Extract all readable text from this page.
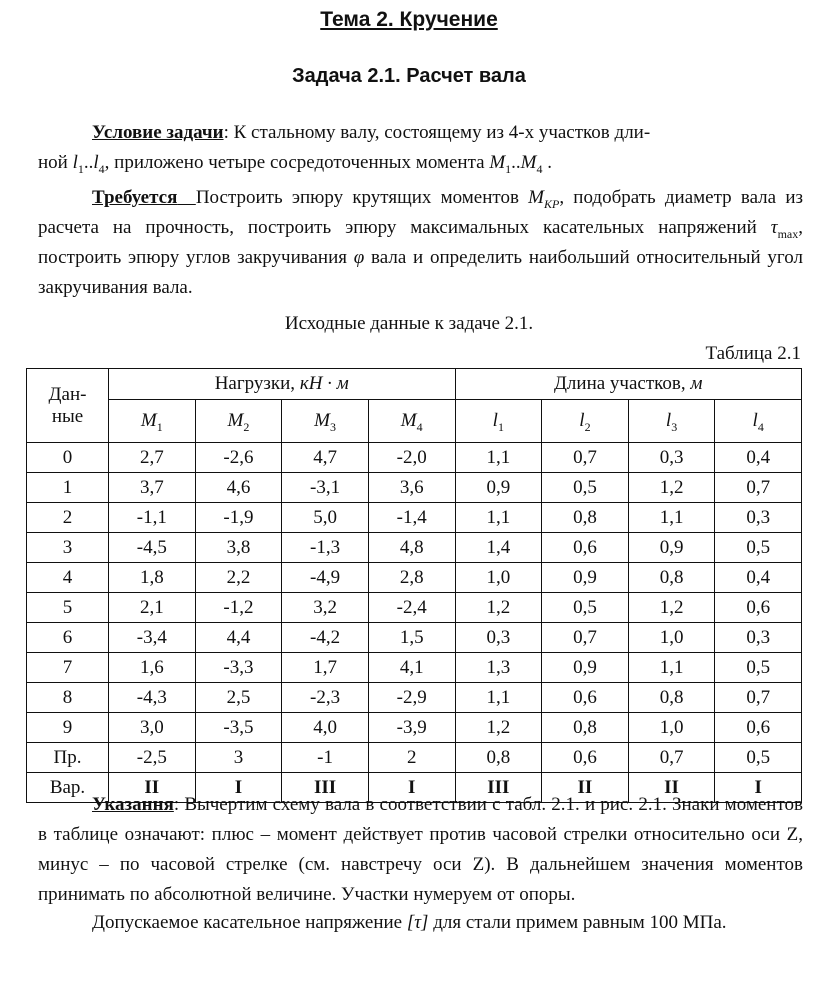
Тема 2. Кручение
Задача 2.1. Расчет вала

Условие задачи: К стальному валу, состоящему из 4-х участков дли-
ной $l_1..l_4$, приложено четыре сосредоточенных момента $M_1..M_4$ .

Требуется Построить эпюру крутящих моментов $M_{КР}$, подобрать диаметр вала из расчета на прочность, построить эпюру максимальных касательных напряжений $\tau_{max}$, построить эпюру углов закручивания φ вала и определить наибольший относительный угол закручивания вала.

Исходные данные к задаче 2.1.
Таблица 2.1
Дан-
ные	Нагрузки, кН · м				Длина участков, м			
	$M_1$	$M_2$	$M_3$	$M_4$	$l_1$	$l_2$	$l_3$	$l_4$
0	2,7	-2,6	4,7	-2,0	1,1	0,7	0,3	0,4
1	3,7	4,6	-3,1	3,6	0,9	0,5	1,2	0,7
2	-1,1	-1,9	5,0	-1,4	1,1	0,8	1,1	0,3
3	-4,5	3,8	-1,3	4,8	1,4	0,6	0,9	0,5
4	1,8	2,2	-4,9	2,8	1,0	0,9	0,8	0,4
5	2,1	-1,2	3,2	-2,4	1,2	0,5	1,2	0,6
6	-3,4	4,4	-4,2	1,5	0,3	0,7	1,0	0,3
7	1,6	-3,3	1,7	4,1	1,3	0,9	1,1	0,5
8	-4,3	2,5	-2,3	-2,9	1,1	0,6	0,8	0,7
9	3,0	-3,5	4,0	-3,9	1,2	0,8	1,0	0,6
Пр.	-2,5	3	-1	2	0,8	0,6	0,7	0,5
Вар.	II	I	III	I	III	II	II	I

Указання: Вычертим схему вала в соответствии с табл. 2.1. и рис. 2.1. Знаки моментов в таблице означают: плюс – момент действует против часовой стрелки относительно оси Z, минус – по часовой стрелке (см. навстречу оси Z). В дальнейшем значения моментов принимать по абсолютной величине. Участки нумеруем от опоры.

Допускаемое касательное напряжение [τ] для стали примем равным 100 МПа.
